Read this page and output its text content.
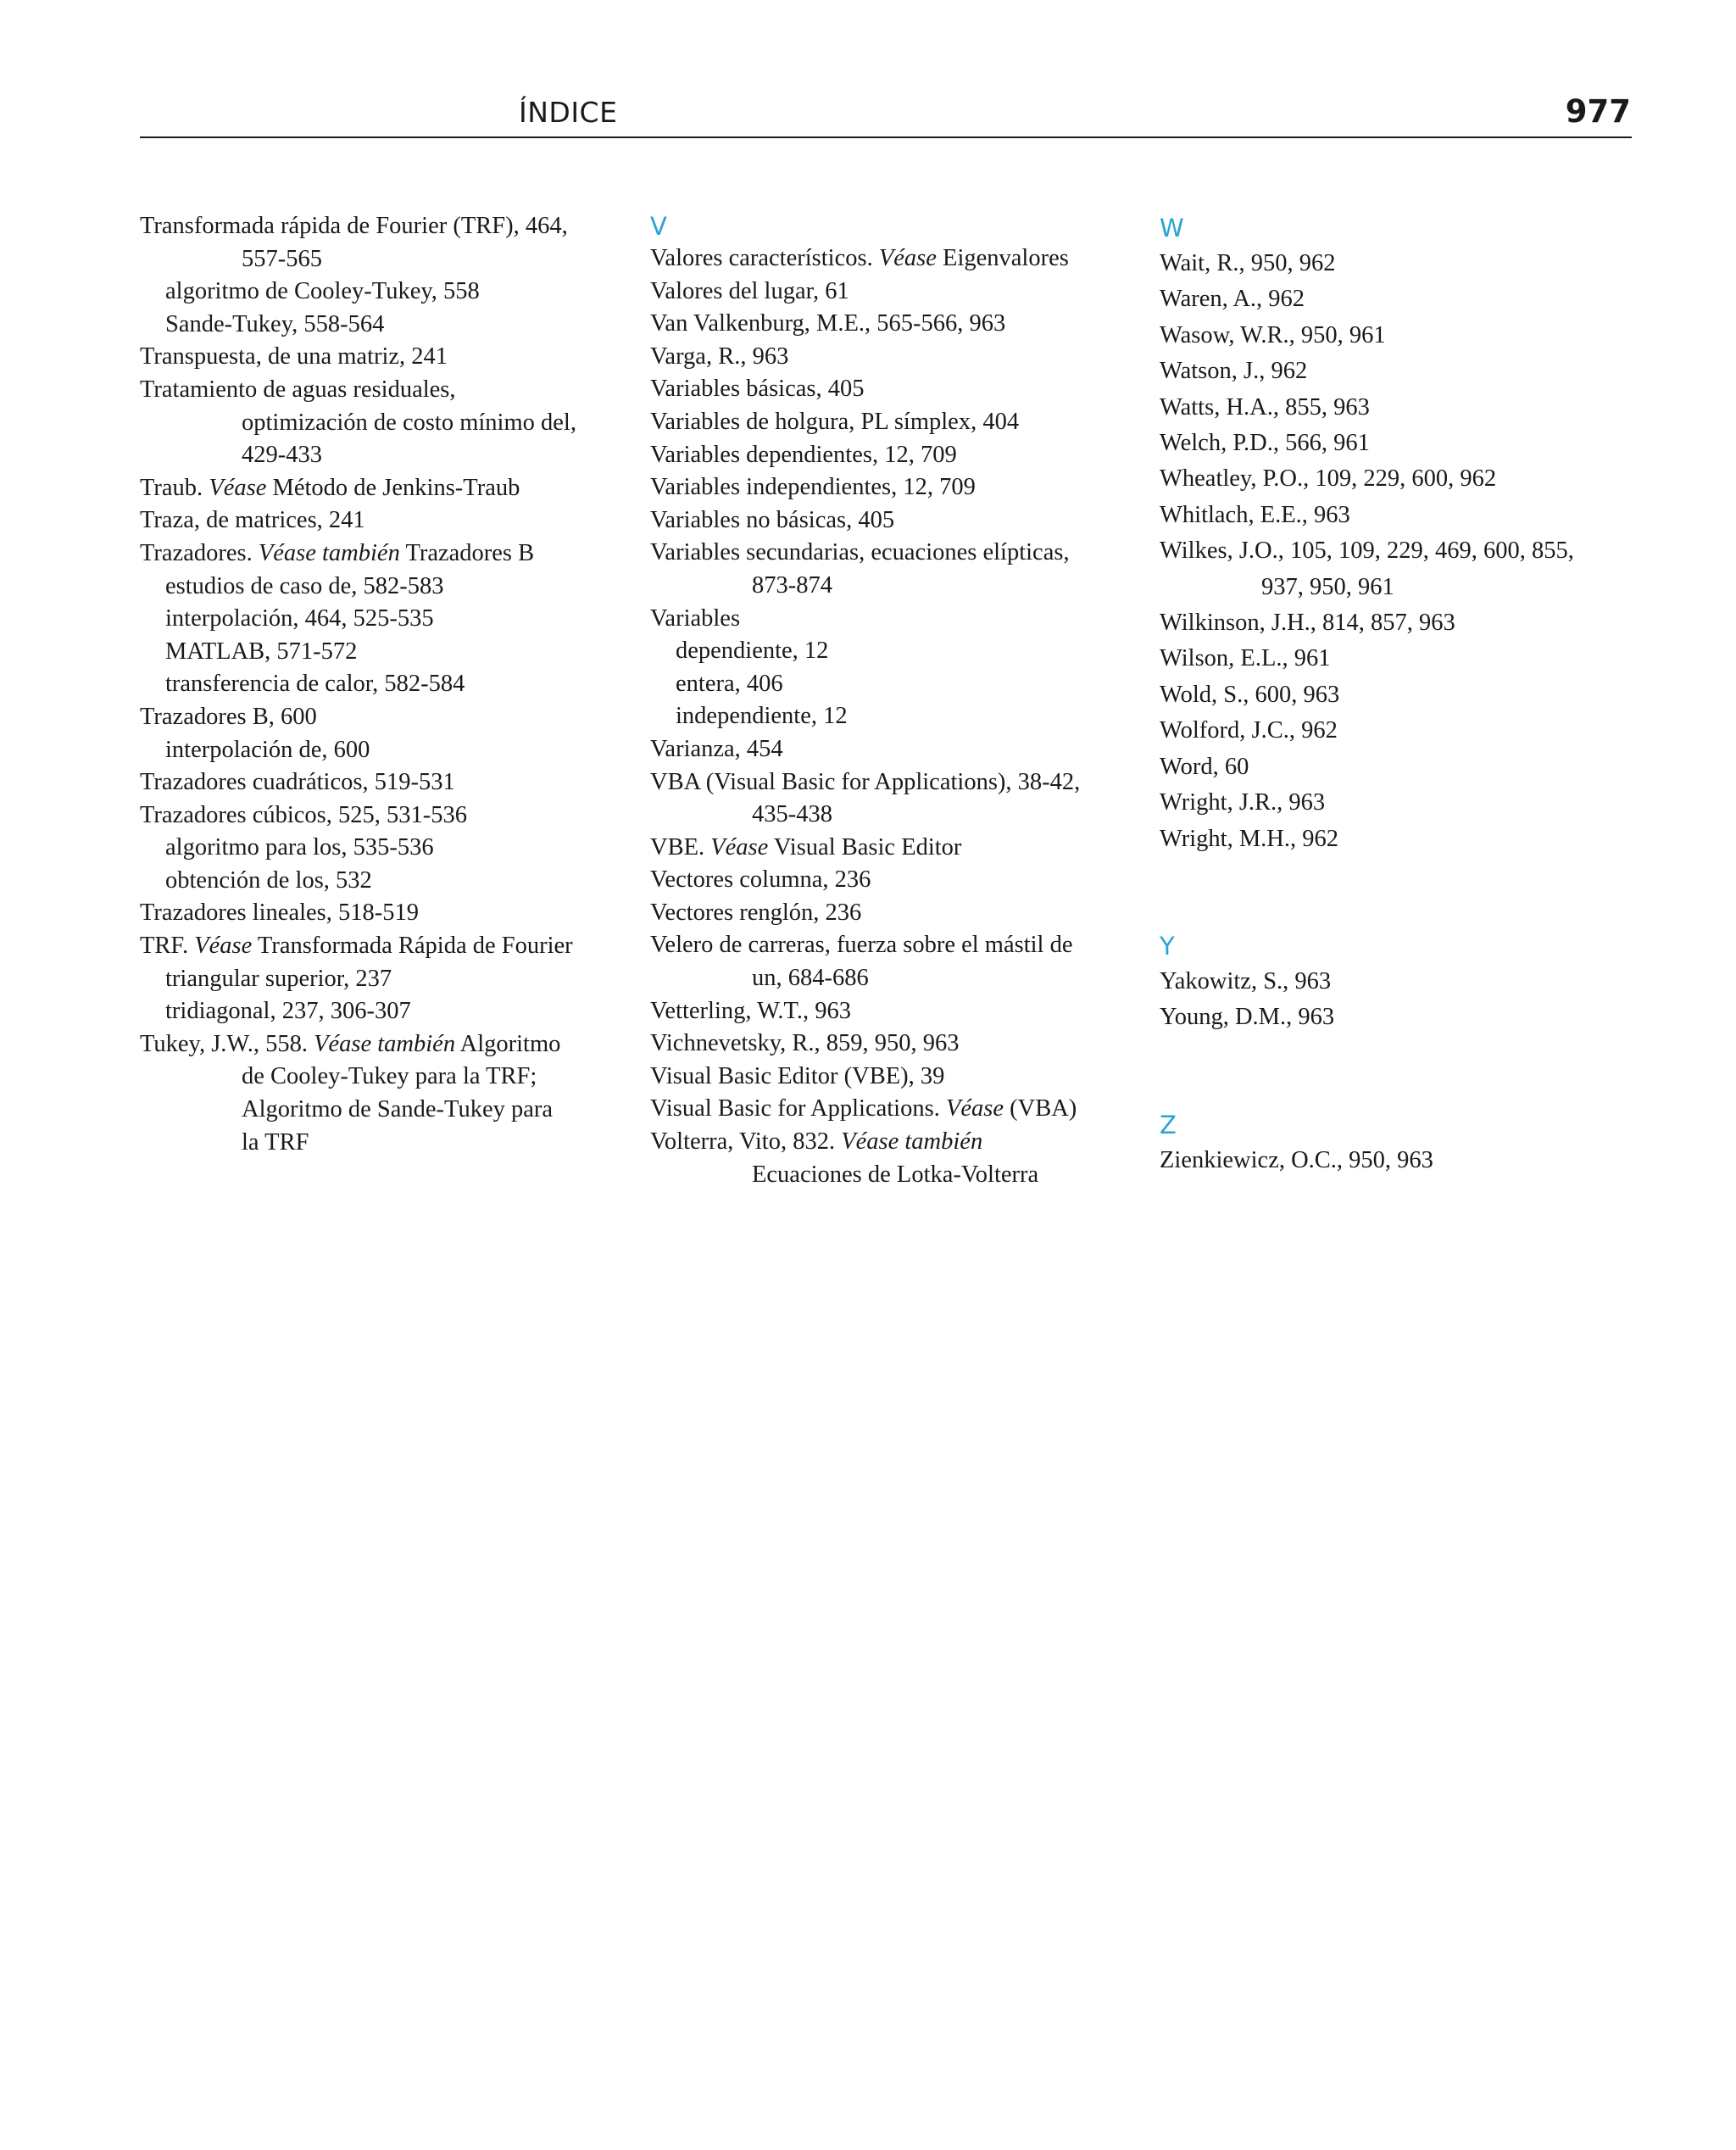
ÍNDICE	977
Transformada rápida de Fourier (TRF), 464,
557-565
algoritmo de Cooley-Tukey, 558
Sande-Tukey, 558-564
Transpuesta, de una matriz, 241
Tratamiento de aguas residuales,
optimización de costo mínimo del,
429-433
Traub. Véase Método de Jenkins-Traub
Traza, de matrices, 241
Trazadores. Véase también Trazadores B
estudios de caso de, 582-583
interpolación, 464, 525-535
MATLAB, 571-572
transferencia de calor, 582-584
Trazadores B, 600
interpolación de, 600
Trazadores cuadráticos, 519-531
Trazadores cúbicos, 525, 531-536
algoritmo para los, 535-536
obtención de los, 532
Trazadores lineales, 518-519
TRF. Véase Transformada Rápida de Fourier
triangular superior, 237
tridiagonal, 237, 306-307
Tukey, J.W., 558. Véase también Algoritmo
de Cooley-Tukey para la TRF;
Algoritmo de Sande-Tukey para
la TRF
V
Valores característicos. Véase Eigenvalores
Valores del lugar, 61
Van Valkenburg, M.E., 565-566, 963
Varga, R., 963
Variables básicas, 405
Variables de holgura, PL símplex, 404
Variables dependientes, 12, 709
Variables independientes, 12, 709
Variables no básicas, 405
Variables secundarias, ecuaciones elípticas,
873-874
Variables
dependiente, 12
entera, 406
independiente, 12
Varianza, 454
VBA (Visual Basic for Applications), 38-42,
435-438
VBE. Véase Visual Basic Editor
Vectores columna, 236
Vectores renglón, 236
Velero de carreras, fuerza sobre el mástil de
un, 684-686
Vetterling, W.T., 963
Vichnevetsky, R., 859, 950, 963
Visual Basic Editor (VBE), 39
Visual Basic for Applications. Véase (VBA)
Volterra, Vito, 832. Véase también
Ecuaciones de Lotka-Volterra
W
Wait, R., 950, 962
Waren, A., 962
Wasow, W.R., 950, 961
Watson, J., 962
Watts, H.A., 855, 963
Welch, P.D., 566, 961
Wheatley, P.O., 109, 229, 600, 962
Whitlach, E.E., 963
Wilkes, J.O., 105, 109, 229, 469, 600, 855,
937, 950, 961
Wilkinson, J.H., 814, 857, 963
Wilson, E.L., 961
Wold, S., 600, 963
Wolford, J.C., 962
Word, 60
Wright, J.R., 963
Wright, M.H., 962
Y
Yakowitz, S., 963
Young, D.M., 963
Z
Zienkiewicz, O.C., 950, 963
